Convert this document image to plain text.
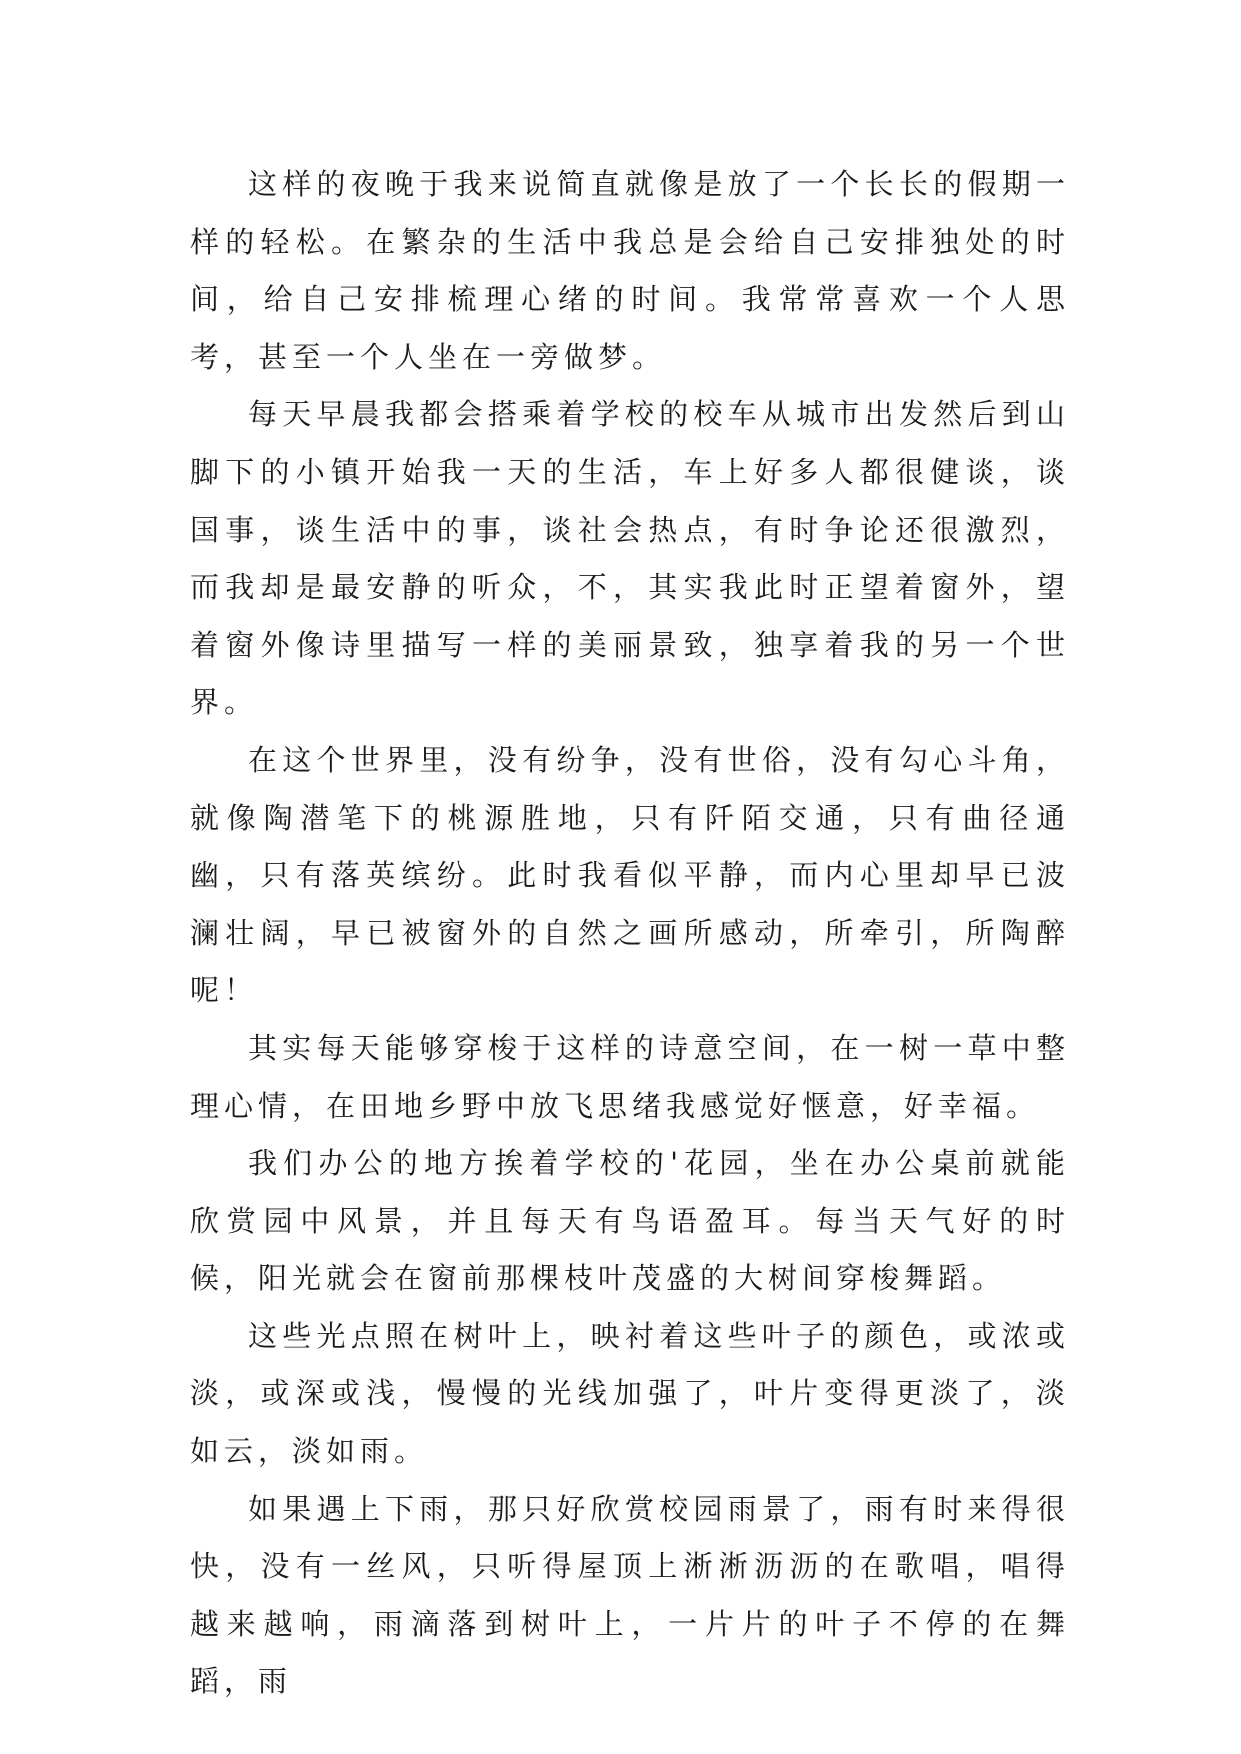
这样的夜晚于我来说简直就像是放了一个长长的假期一样的轻松。在繁杂的生活中我总是会给自己安排独处的时间，给自己安排梳理心绪的时间。我常常喜欢一个人思考，甚至一个人坐在一旁做梦。

每天早晨我都会搭乘着学校的校车从城市出发然后到山脚下的小镇开始我一天的生活，车上好多人都很健谈，谈国事，谈生活中的事，谈社会热点，有时争论还很激烈，而我却是最安静的听众，不，其实我此时正望着窗外，望着窗外像诗里描写一样的美丽景致，独享着我的另一个世界。

在这个世界里，没有纷争，没有世俗，没有勾心斗角，就像陶潜笔下的桃源胜地，只有阡陌交通，只有曲径通幽，只有落英缤纷。此时我看似平静，而内心里却早已波澜壮阔，早已被窗外的自然之画所感动，所牵引，所陶醉呢！

其实每天能够穿梭于这样的诗意空间，在一树一草中整理心情，在田地乡野中放飞思绪我感觉好惬意，好幸福。

我们办公的地方挨着学校的'花园，坐在办公桌前就能欣赏园中风景，并且每天有鸟语盈耳。每当天气好的时候，阳光就会在窗前那棵枝叶茂盛的大树间穿梭舞蹈。

这些光点照在树叶上，映衬着这些叶子的颜色，或浓或淡，或深或浅，慢慢的光线加强了，叶片变得更淡了，淡如云，淡如雨。

如果遇上下雨，那只好欣赏校园雨景了，雨有时来得很快，没有一丝风，只听得屋顶上淅淅沥沥的在歌唱，唱得越来越响，雨滴落到树叶上，一片片的叶子不停的在舞蹈，雨
